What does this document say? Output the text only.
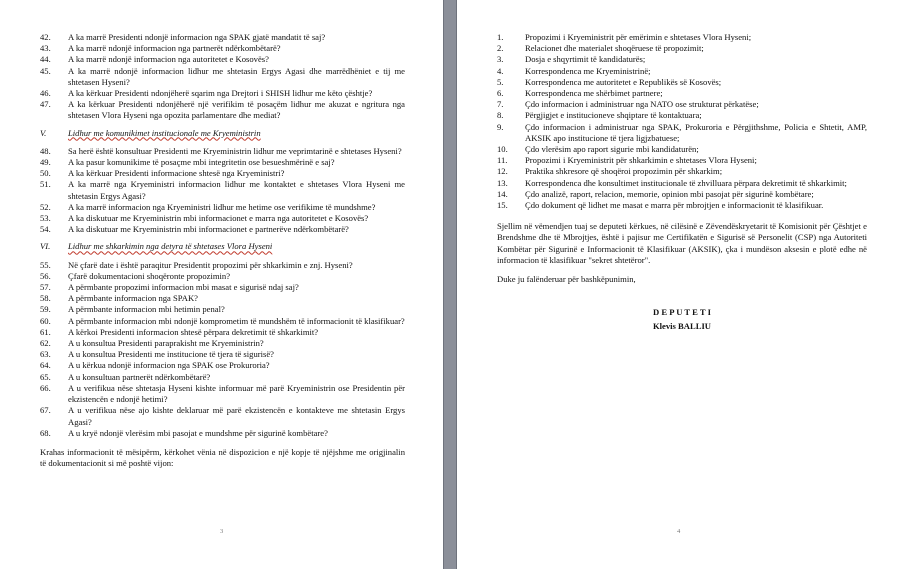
42.	A ka marrë Presidenti ndonjë informacion nga SPAK gjatë mandatit të saj?
43.	A ka marrë ndonjë informacion nga partnerët ndërkombëtarë?
44.	A ka marrë ndonjë informacion nga autoritetet e Kosovës?
45.	A ka marrë ndonjë informacion lidhur me shtetasin Ergys Agasi dhe marrëdhëniet e tij me shtetasen Hyseni?
46.	A ka kërkuar Presidenti ndonjëherë sqarim nga Drejtori i SHISH lidhur me këto çështje?
47.	A ka kërkuar Presidenti ndonjëherë një verifikim të posaçëm lidhur me akuzat e ngritura nga shtetasen Vlora Hyseni nga opozita parlamentare dhe mediat?
V.	Lidhur me komunikimet institucionale me Kryeministrin
48.	Sa herë është konsultuar Presidenti me Kryeministrin lidhur me veprimtarinë e shtetases Hyseni?
49.	A ka pasur komunikime të posaçme mbi integritetin ose besueshmërinë e saj?
50.	A ka kërkuar Presidenti informacione shtesë nga Kryeministri?
51.	A ka marrë nga Kryeministri informacion lidhur me kontaktet e shtetases Vlora Hyseni me shtetasin Ergys Agasi?
52.	A ka marrë informacion nga Kryeministri lidhur me hetime ose verifikime të mundshme?
53.	A ka diskutuar me Kryeministrin mbi informacionet e marra nga autoritetet e Kosovës?
54.	A ka diskutuar me Kryeministrin mbi informacionet e partnerëve ndërkombëtarë?
VI.	Lidhur me shkarkimin nga detyra të shtetases Vlora Hyseni
55.	Në çfarë date i është paraqitur Presidentit propozimi për shkarkimin e znj. Hyseni?
56.	Çfarë dokumentacioni shoqëronte propozimin?
57.	A përmbante propozimi informacion mbi masat e sigurisë ndaj saj?
58.	A përmbante informacion nga SPAK?
59.	A përmbante informacion mbi hetimin penal?
60.	A përmbante informacion mbi ndonjë komprometim të mundshëm të informacionit të klasifikuar?
61.	A kërkoi Presidenti informacion shtesë përpara dekretimit të shkarkimit?
62.	A u konsultua Presidenti paraprakisht me Kryeministrin?
63.	A u konsultua Presidenti me institucione të tjera të sigurisë?
64.	A u kërkua ndonjë informacion nga SPAK ose Prokuroria?
65.	A u konsultuan partnerët ndërkombëtarë?
66.	A u verifikua nëse shtetasja Hyseni kishte informuar më parë Kryeministrin ose Presidentin për ekzistencën e ndonjë hetimi?
67.	A u verifikua nëse ajo kishte deklaruar më parë ekzistencën e kontakteve me shtetasin Ergys Agasi?
68.	A u kryë ndonjë vlerësim mbi pasojat e mundshme për sigurinë kombëtare?
Krahas informacionit të mësipërm, kërkohet vënia në dispozicion e një kopje të njëjshme me origjinalin të dokumentacionit si më poshtë vijon:
3
1.	Propozimi i Kryeministrit për emërimin e shtetases Vlora Hyseni;
2.	Relacionet dhe materialet shoqëruese të propozimit;
3.	Dosja e shqyrtimit të kandidaturës;
4.	Korrespondenca me Kryeministrinë;
5.	Korrespondenca me autoritetet e Republikës së Kosovës;
6.	Korrespondenca me shërbimet partnere;
7.	Çdo informacion i administruar nga NATO ose strukturat përkatëse;
8.	Përgjigjet e institucioneve shqiptare të kontaktuara;
9.	Çdo informacion i administruar nga SPAK, Prokuroria e Përgjithshme, Policia e Shtetit, AMP, AKSIK apo institucione të tjera ligjzbatuese;
10.	Çdo vlerësim apo raport sigurie mbi kandidaturën;
11.	Propozimi i Kryeministrit për shkarkimin e shtetases Vlora Hyseni;
12.	Praktika shkresore që shoqëroi propozimin për shkarkim;
13.	Korrespondenca dhe konsultimet institucionale të zhvilluara përpara dekretimit të shkarkimit;
14.	Çdo analizë, raport, relacion, memorie, opinion mbi pasojat për sigurinë kombëtare;
15.	Çdo dokument që lidhet me masat e marra për mbrojtjen e informacionit të klasifikuar.
Sjellim në vëmendjen tuaj se deputeti kërkues, në cilësinë e Zëvendëskryetarit të Komisionit për Çështjet e Brendshme dhe të Mbrojtjes, është i pajisur me Certifikatën e Sigurisë së Personelit (CSP) nga Autoriteti Kombëtar për Sigurinë e Informacionit të Klasifikuar (AKSIK), çka i mundëson aksesin e plotë edhe në informacion të klasifikuar "sekret shtetëror".
Duke ju falënderuar për bashkëpunimin,
D E P U T E T I
Klevis BALLIU
4
